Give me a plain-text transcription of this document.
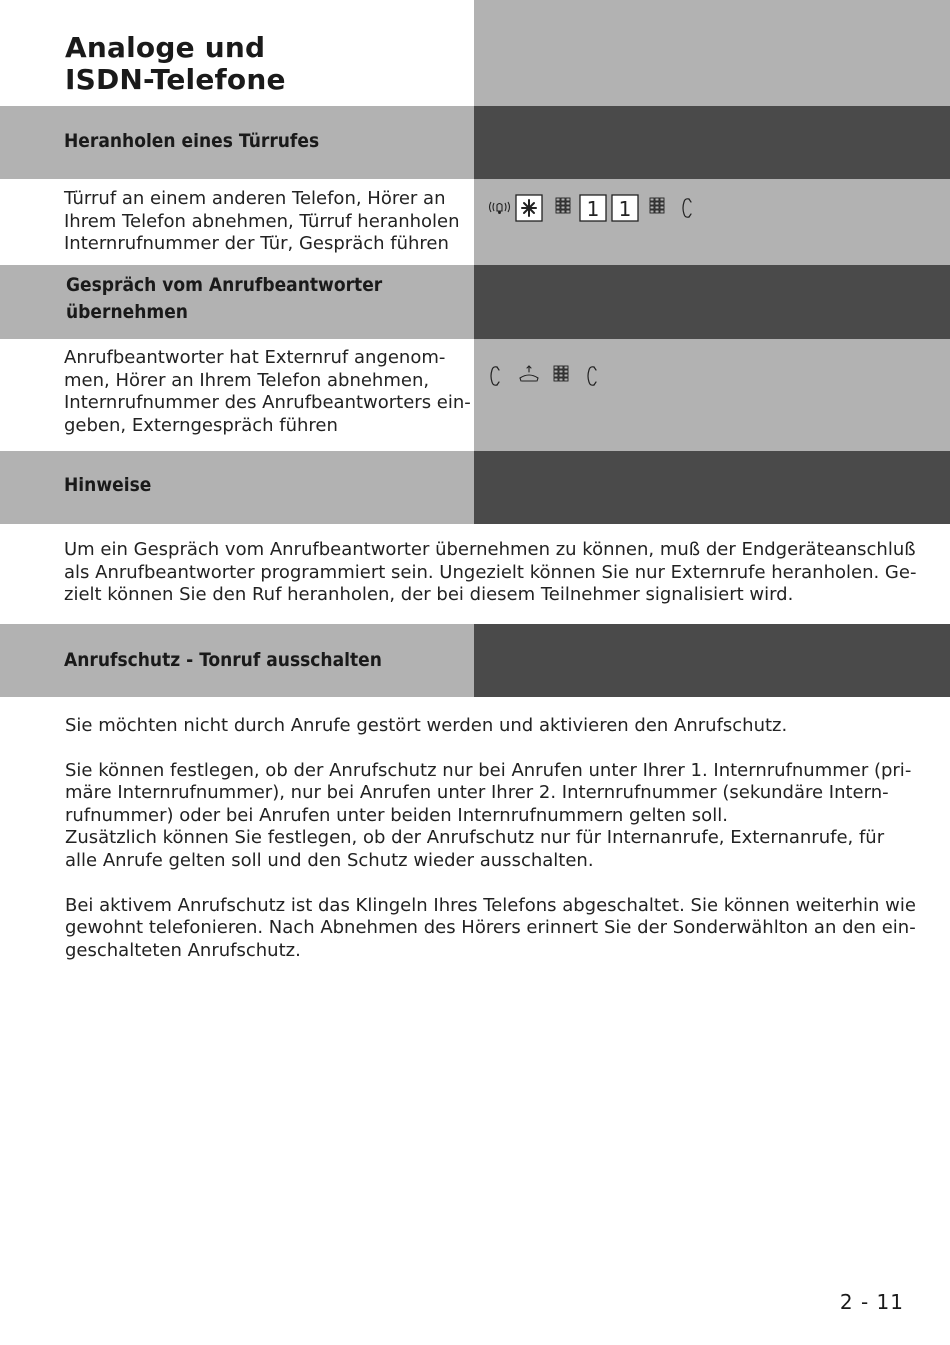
Analoge und
ISDN-Telefone
Heranholen eines Türrufes
Türruf an einem anderen Telefon, Hörer an
Ihrem Telefon abnehmen, Türruf heranholen
Internrufnummer der Tür, Gespräch führen
1 1
Gespräch vom Anrufbeantworter
übernehmen
Anrufbeantworter hat Externruf angenom-
men, Hörer an Ihrem Telefon abnehmen,
Internrufnummer des Anrufbeantworters ein-
geben, Externgespräch führen
Hinweise
Um ein Gespräch vom Anrufbeantworter übernehmen zu können, muß der Endgeräteanschluß
als Anrufbeantworter programmiert sein. Ungezielt können Sie nur Externrufe heranholen. Ge-
zielt können Sie den Ruf heranholen, der bei diesem Teilnehmer signalisiert wird.
Anrufschutz - Tonruf ausschalten
Sie möchten nicht durch Anrufe gestört werden und aktivieren den Anrufschutz.
Sie können festlegen, ob der Anrufschutz nur bei Anrufen unter Ihrer 1. Internrufnummer (pri-
märe Internrufnummer), nur bei Anrufen unter Ihrer 2. Internrufnummer (sekundäre Intern-
rufnummer) oder bei Anrufen unter beiden Internrufnummern gelten soll.
Zusätzlich können Sie festlegen, ob der Anrufschutz nur für Internanrufe, Externanrufe, für
alle Anrufe gelten soll und den Schutz wieder ausschalten.
Bei aktivem Anrufschutz ist das Klingeln Ihres Telefons abgeschaltet. Sie können weiterhin wie
gewohnt telefonieren. Nach Abnehmen des Hörers erinnert Sie der Sonderwählton an den ein-
geschalteten Anrufschutz.
2 - 11
